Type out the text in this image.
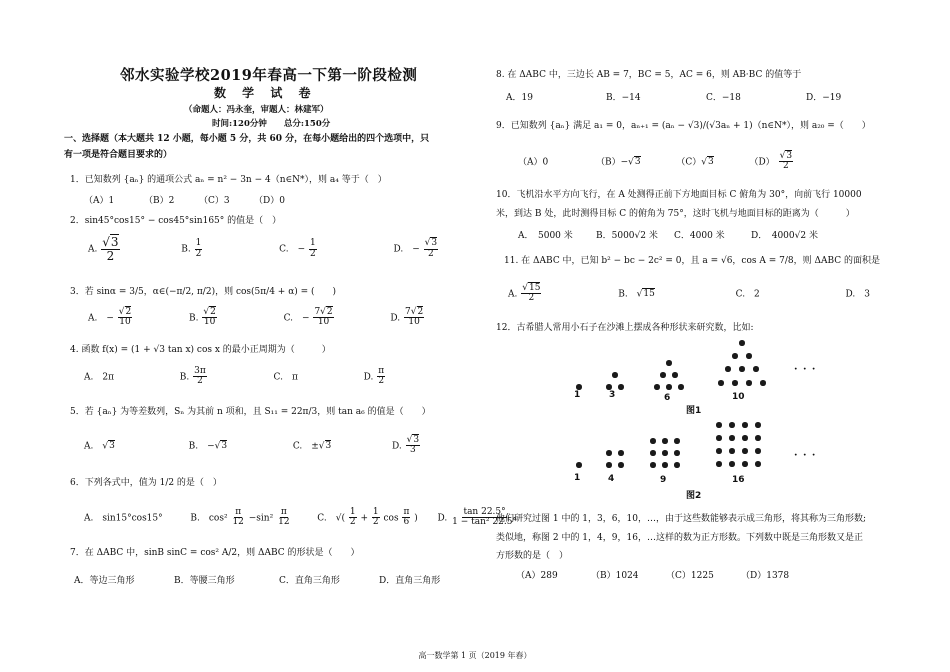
邻水实验学校2019年春高一下第一阶段检测
数 学 试 卷
（命题人：冯永奎，审题人：林建军）
时间:120分钟　　总分:150分
一、选择题（本大题共 12 小题，每小题 5 分，共 60 分，在每小题给出的四个选项中，只
有一项是符合题目要求的）
1．已知数列 {aₙ} 的通项公式 aₙ = n² − 3n − 4（n∈N*），则 a₄ 等于（　）
（A）1	（B）2	（C）3	（D）0
2．sin45°cos15° − cos45°sin165° 的值是（　）
A. $\frac{√3}{2}$	B. $\frac{1}{2}$	C.　− $\frac{1}{2}$	D.　− $\frac{√3}{2}$
3．若 sinα = 3/5，α∈(−π/2, π/2)，则 cos(5π/4 + α) = (　　)
A.　− $\frac{√2}{10}$	B. $\frac{√2}{10}$	C.　− $\frac{7√2}{10}$	D. $\frac{7√2}{10}$
4. 函数 f(x) = (1 + √3 tan x) cos x 的最小正周期为（　　　）
A.　2π	B. $\frac{3\pi}{2}$	C.　π	D. $\frac{\pi}{2}$
5．若 {aₙ} 为等差数列，Sₙ 为其前 n 项和，且 S₁₁ = 22π/3，则 tan a₆ 的值是（　　）
A.　√3	B.　−√3	C.　±√3	D. $\frac{√3}{3}$
6．下列各式中，值为 1/2 的是（　）
A.　sin15°cos15°	B.　$\cos^2 \frac{\pi}{12} -\sin^2 \frac{\pi}{12}$	C.　√( $\frac{1}{2} + \frac{1}{2}$ $\cos \frac{\pi}{6}$ ) D. $\frac{\tan 22.5^\circ}{\text{1 − tan² 22.5°}}$
7．在 ΔABC 中，sinB sinC = cos² A/2，则 ΔABC 的形状是（　　）
A．等边三角形	B．等腰三角形	C．直角三角形	D．直角三角形
8. 在 ΔABC 中，三边长 AB = 7，BC = 5，AC = 6，则 AB·BC 的值等于
A．19	B．−14	C．−18	D．−19
9．已知数列 {aₙ} 满足 a₁ = 0，aₙ₊₁ = (aₙ − √3)/(√3aₙ + 1)（n∈N*），则 a₂₀ =（　　）
（A）0	（B）−√3	（C）√3	$(D) \frac{√3}{2}$
10．飞机沿水平方向飞行，在 A 处测得正前下方地面目标 C 俯角为 30°，向前飞行 10000
米，到达 B 处，此时测得目标 C 的俯角为 75°，这时飞机与地面目标的距离为（　　　）
A．　5000 米	B．5000√2 米 C．4000 米	D．　4000√2 米
11. 在 ΔABC 中，已知 b² − bc − 2c² = 0，且 a = √6，cos A = 7/8，则 ΔABC 的面积是
A. $\frac{√15}{2}$	B.　√15	C.　2	D.　3
12．古希腊人常用小石子在沙滩上摆成各种形状来研究数，比如:
· · ·
1	3	6	10
图1
· · ·
1	4	9	16
图2
他们研究过图 1 中的 1，3，6，10，…，由于这些数能够表示成三角形，将其称为三角形数;
类似地，称图 2 中的 1，4，9，16，…这样的数为正方形数。下列数中既是三角形数又是正
方形数的是（　）
（A）289	（B）1024	（C）1225	（D）1378
高一数学第 1 页（2019 年春）
